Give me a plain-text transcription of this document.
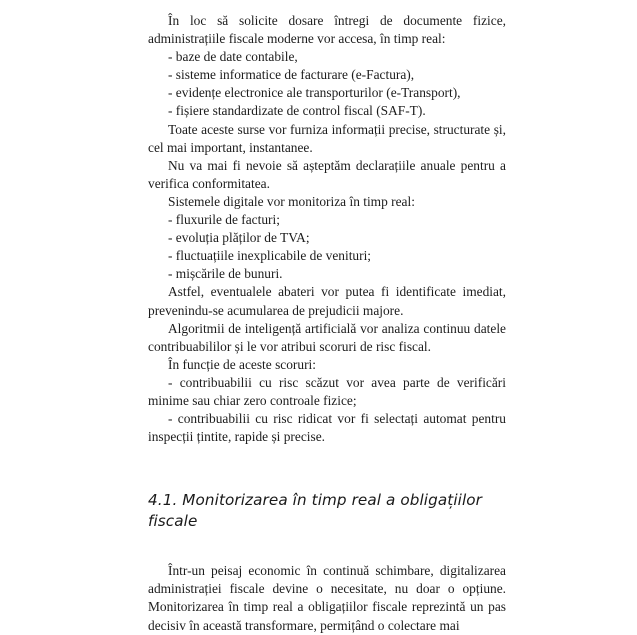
În loc să solicite dosare întregi de documente fizice, administrațiile fiscale moderne vor accesa, în timp real:

- baze de date contabile,

- sisteme informatice de facturare (e-Factura),

- evidențe electronice ale transporturilor (e-Transport),

- fișiere standardizate de control fiscal (SAF-T).

Toate aceste surse vor furniza informații precise, structurate și, cel mai important, instantanee.

Nu va mai fi nevoie să așteptăm declarațiile anuale pentru a verifica conformitatea.

Sistemele digitale vor monitoriza în timp real:

- fluxurile de facturi;

- evoluția plăților de TVA;

- fluctuațiile inexplicabile de venituri;

- mișcările de bunuri.

Astfel, eventualele abateri vor putea fi identificate imediat, prevenindu-se acumularea de prejudicii majore.

Algoritmii de inteligență artificială vor analiza continuu datele contribuabililor și le vor atribui scoruri de risc fiscal.

În funcție de aceste scoruri:

- contribuabilii cu risc scăzut vor avea parte de verificări minime sau chiar zero controale fizice;

- contribuabilii cu risc ridicat vor fi selectați automat pentru inspecții țintite, rapide și precise.

4.1. Monitorizarea în timp real a obligațiilor
fiscale

Într-un peisaj economic în continuă schimbare, digitalizarea administrației fiscale devine o necesitate, nu doar o opțiune. Monitorizarea în timp real a obligațiilor fiscale reprezintă un pas decisiv în această transformare, permițând o colectare mai
